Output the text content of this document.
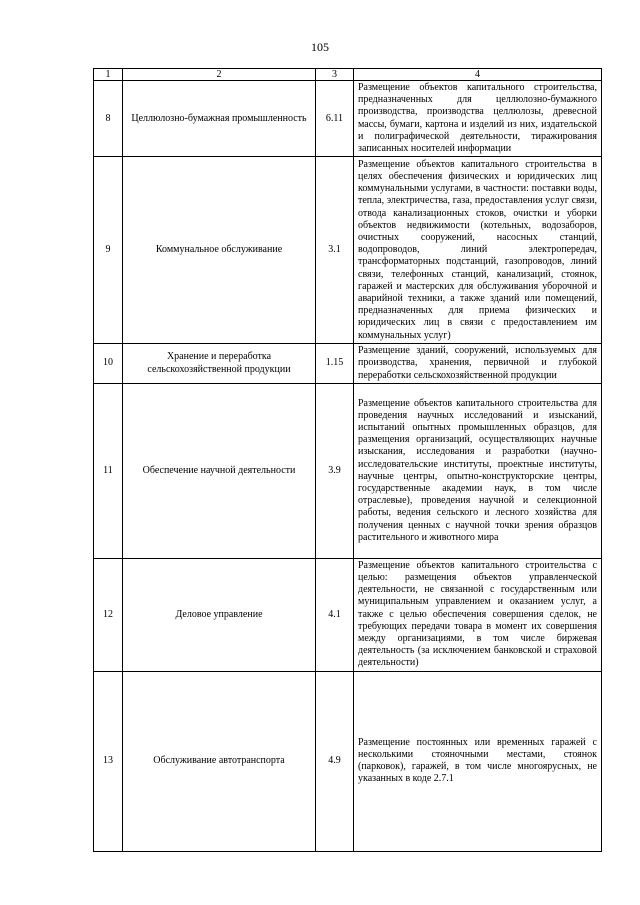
105
1	2	3	4
8	Целлюлозно-бумажная промышленность	6.11	Размещение объектов капитального строительства, предназначенных для целлюлозно-бумажного производства, производства целлюлозы, древесной массы, бумаги, картона и изделий из них, издательской и полиграфической деятельности, тиражирования записанных носителей информации
9	Коммунальное обслуживание	3.1	Размещение объектов капитального строительства в целях обеспечения физических и юридических лиц коммунальными услугами, в частности: поставки воды, тепла, электричества, газа, предоставления услуг связи, отвода канализационных стоков, очистки и уборки объектов недвижимости (котельных, водозаборов, очистных сооружений, насосных станций, водопроводов, линий электропередач, трансформаторных подстанций, газопроводов, линий связи, телефонных станций, канализаций, стоянок, гаражей и мастерских для обслуживания уборочной и аварийной техники, а также зданий или помещений, предназначенных для приема физических и юридических лиц в связи с предоставлением им коммунальных услуг)
10	Хранение и переработка сельскохозяйственной продукции	1.15	Размещение зданий, сооружений, используемых для производства, хранения, первичной и глубокой переработки сельскохозяйственной продукции
11	Обеспечение научной деятельности	3.9	Размещение объектов капитального строительства для проведения научных исследований и изысканий, испытаний опытных промышленных образцов, для размещения организаций, осуществляющих научные изыскания, исследования и разработки (научно-исследовательские институты, проектные институты, научные центры, опытно-конструкторские центры, государственные академии наук, в том числе отраслевые), проведения научной и селекционной работы, ведения сельского и лесного хозяйства для получения ценных с научной точки зрения образцов растительного и животного мира
12	Деловое управление	4.1	Размещение объектов капитального строительства с целью: размещения объектов управленческой деятельности, не связанной с государственным или муниципальным управлением и оказанием услуг, а также с целью обеспечения совершения сделок, не требующих передачи товара в момент их совершения между организациями, в том числе биржевая деятельность (за исключением банковской и страховой деятельности)
13	Обслуживание автотранспорта	4.9	Размещение постоянных или временных гаражей с несколькими стояночными местами, стоянок (парковок), гаражей, в том числе многоярусных, не указанных в коде 2.7.1
